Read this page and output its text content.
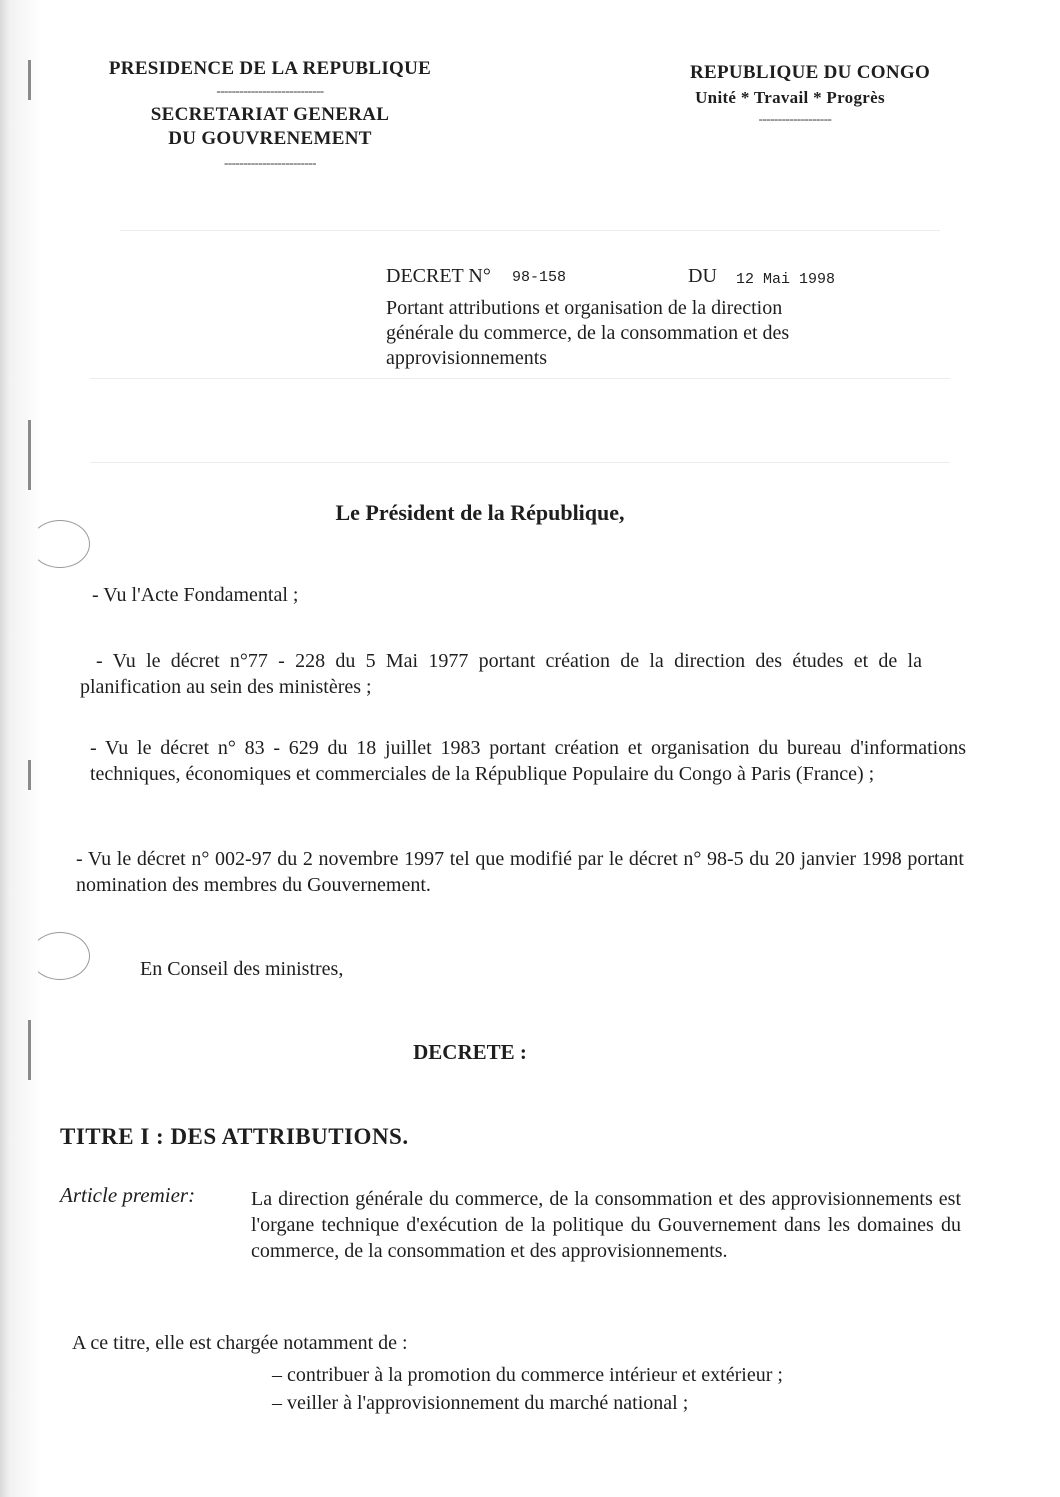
PRESIDENCE DE LA REPUBLIQUE
----------------------------
SECRETARIAT GENERAL
DU GOUVRENEMENT
------------------------
REPUBLIQUE DU CONGO
Unité * Travail * Progrès
-------------------
DECRET N° 98-158	DU 12 Mai 1998
Portant attributions et organisation de la direction
générale du commerce, de la consommation et des
approvisionnements
Le Président de la République,
- Vu l'Acte Fondamental ;
- Vu le décret n°77 - 228 du 5 Mai 1977 portant création de la direction des études et de la planification au sein des ministères ;
- Vu le décret n° 83 - 629 du 18 juillet 1983 portant création et organisation du bureau d'informations techniques, économiques et commerciales de la République Populaire du Congo à Paris (France) ;
- Vu le décret n° 002-97 du 2 novembre 1997 tel que modifié par le décret n° 98-5 du 20 janvier 1998 portant nomination des membres du Gouvernement.
En Conseil des ministres,
DECRETE :
TITRE I : DES ATTRIBUTIONS.
Article premier:	La direction générale du commerce, de la consommation et des approvisionnements est l'organe technique d'exécution de la politique du Gouvernement dans les domaines du commerce, de la consommation et des approvisionnements.
A ce titre, elle est chargée notamment de :
– contribuer à la promotion du commerce intérieur et extérieur ;
– veiller à l'approvisionnement du marché national ;
